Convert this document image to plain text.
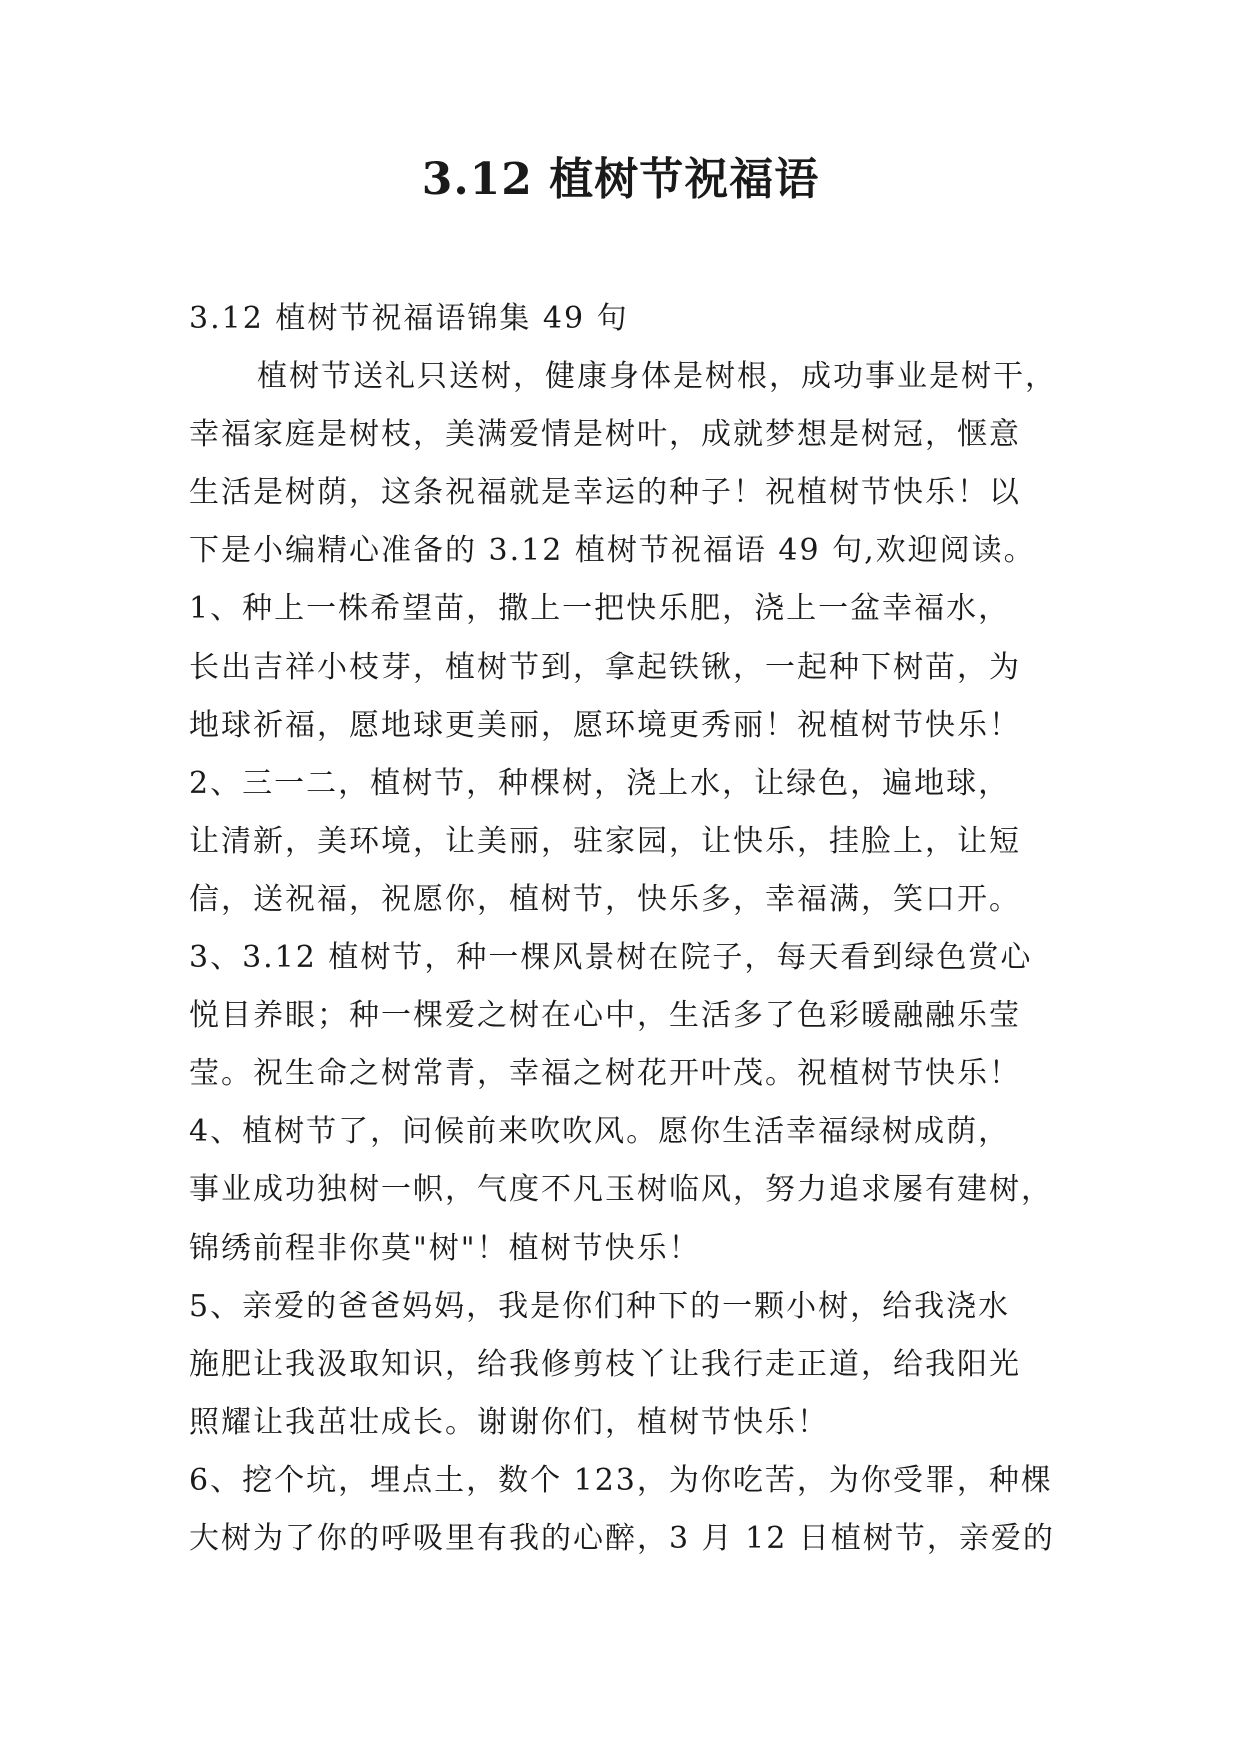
3.12 植树节祝福语
3.12 植树节祝福语锦集 49 句
植树节送礼只送树，健康身体是树根，成功事业是树干，
幸福家庭是树枝，美满爱情是树叶，成就梦想是树冠，惬意
生活是树荫，这条祝福就是幸运的种子！祝植树节快乐！以
下是小编精心准备的 3.12 植树节祝福语 49 句,欢迎阅读。
1、种上一株希望苗，撒上一把快乐肥，浇上一盆幸福水，
长出吉祥小枝芽，植树节到，拿起铁锹，一起种下树苗，为
地球祈福，愿地球更美丽，愿环境更秀丽！祝植树节快乐！
2、三一二，植树节，种棵树，浇上水，让绿色，遍地球，
让清新，美环境，让美丽，驻家园，让快乐，挂脸上，让短
信，送祝福，祝愿你，植树节，快乐多，幸福满，笑口开。
3、3.12 植树节，种一棵风景树在院子，每天看到绿色赏心
悦目养眼；种一棵爱之树在心中，生活多了色彩暖融融乐莹
莹。祝生命之树常青，幸福之树花开叶茂。祝植树节快乐！
4、植树节了，问候前来吹吹风。愿你生活幸福绿树成荫，
事业成功独树一帜，气度不凡玉树临风，努力追求屡有建树，
锦绣前程非你莫"树"！植树节快乐！
5、亲爱的爸爸妈妈，我是你们种下的一颗小树，给我浇水
施肥让我汲取知识，给我修剪枝丫让我行走正道，给我阳光
照耀让我茁壮成长。谢谢你们，植树节快乐！
6、挖个坑，埋点土，数个 123，为你吃苦，为你受罪，种棵
大树为了你的呼吸里有我的心醉，3 月 12 日植树节，亲爱的
